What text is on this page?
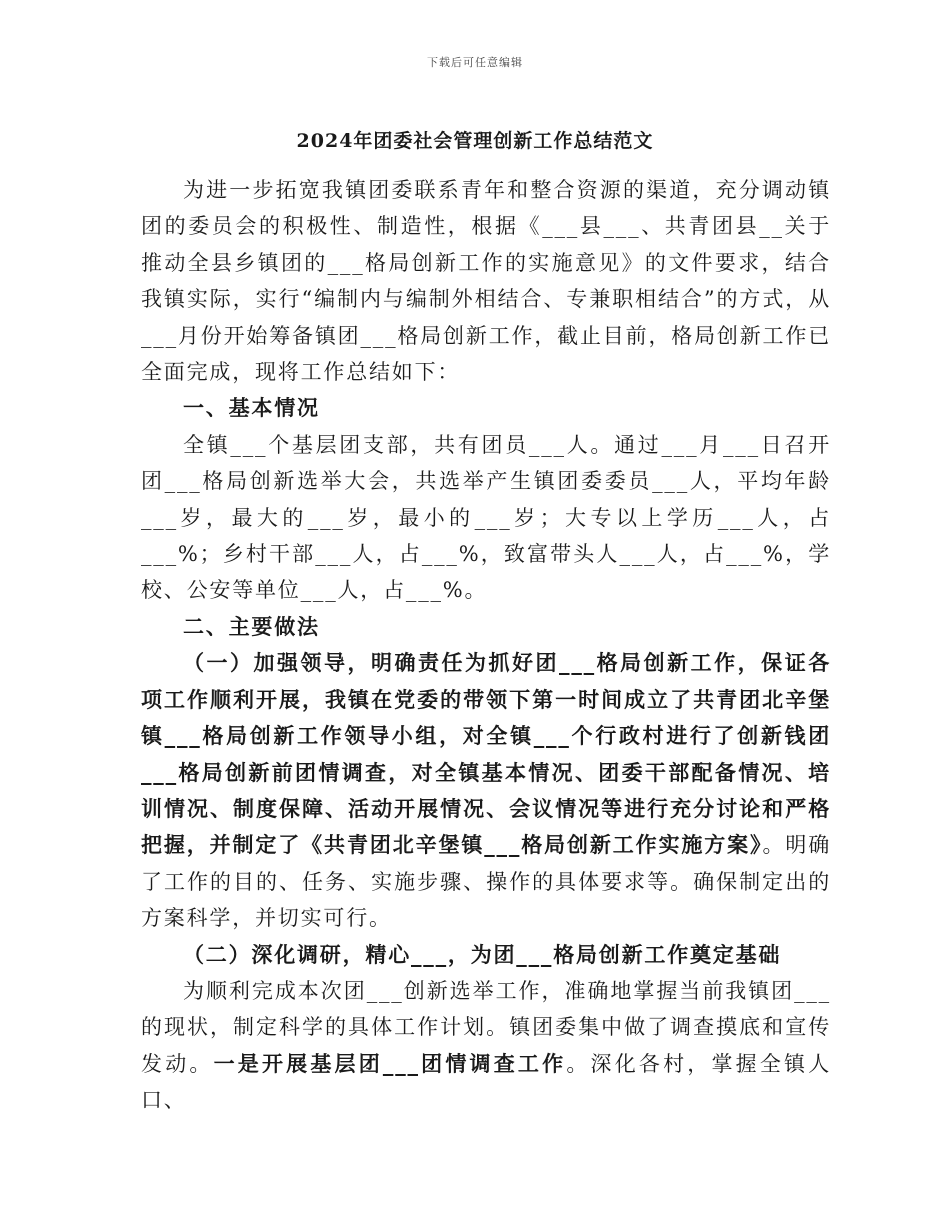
下载后可任意编辑
2024年团委社会管理创新工作总结范文

为进一步拓宽我镇团委联系青年和整合资源的渠道，充分调动镇团的委员会的积极性、制造性，根据《___县___、共青团县__关于推动全县乡镇团的___格局创新工作的实施意见》的文件要求，结合我镇实际，实行“编制内与编制外相结合、专兼职相结合”的方式，从___月份开始筹备镇团___格局创新工作，截止目前，格局创新工作已全面完成，现将工作总结如下：

一、基本情况

全镇___个基层团支部，共有团员___人。通过___月___日召开团___格局创新选举大会，共选举产生镇团委委员___人，平均年龄___岁，最大的___岁，最小的___岁；大专以上学历___人，占___%；乡村干部___人，占___%，致富带头人___人，占___%，学校、公安等单位___人，占___%。

二、主要做法

（一）加强领导，明确责任为抓好团___格局创新工作，保证各项工作顺利开展，我镇在党委的带领下第一时间成立了共青团北辛堡镇___格局创新工作领导小组，对全镇___个行政村进行了创新钱团___格局创新前团情调查，对全镇基本情况、团委干部配备情况、培训情况、制度保障、活动开展情况、会议情况等进行充分讨论和严格把握，并制定了《共青团北辛堡镇___格局创新工作实施方案》。明确了工作的目的、任务、实施步骤、操作的具体要求等。确保制定出的方案科学，并切实可行。

（二）深化调研，精心___，为团___格局创新工作奠定基础

为顺利完成本次团___创新选举工作，准确地掌握当前我镇团___的现状，制定科学的具体工作计划。镇团委集中做了调查摸底和宣传发动。一是开展基层团___团情调查工作。深化各村，掌握全镇人口、
